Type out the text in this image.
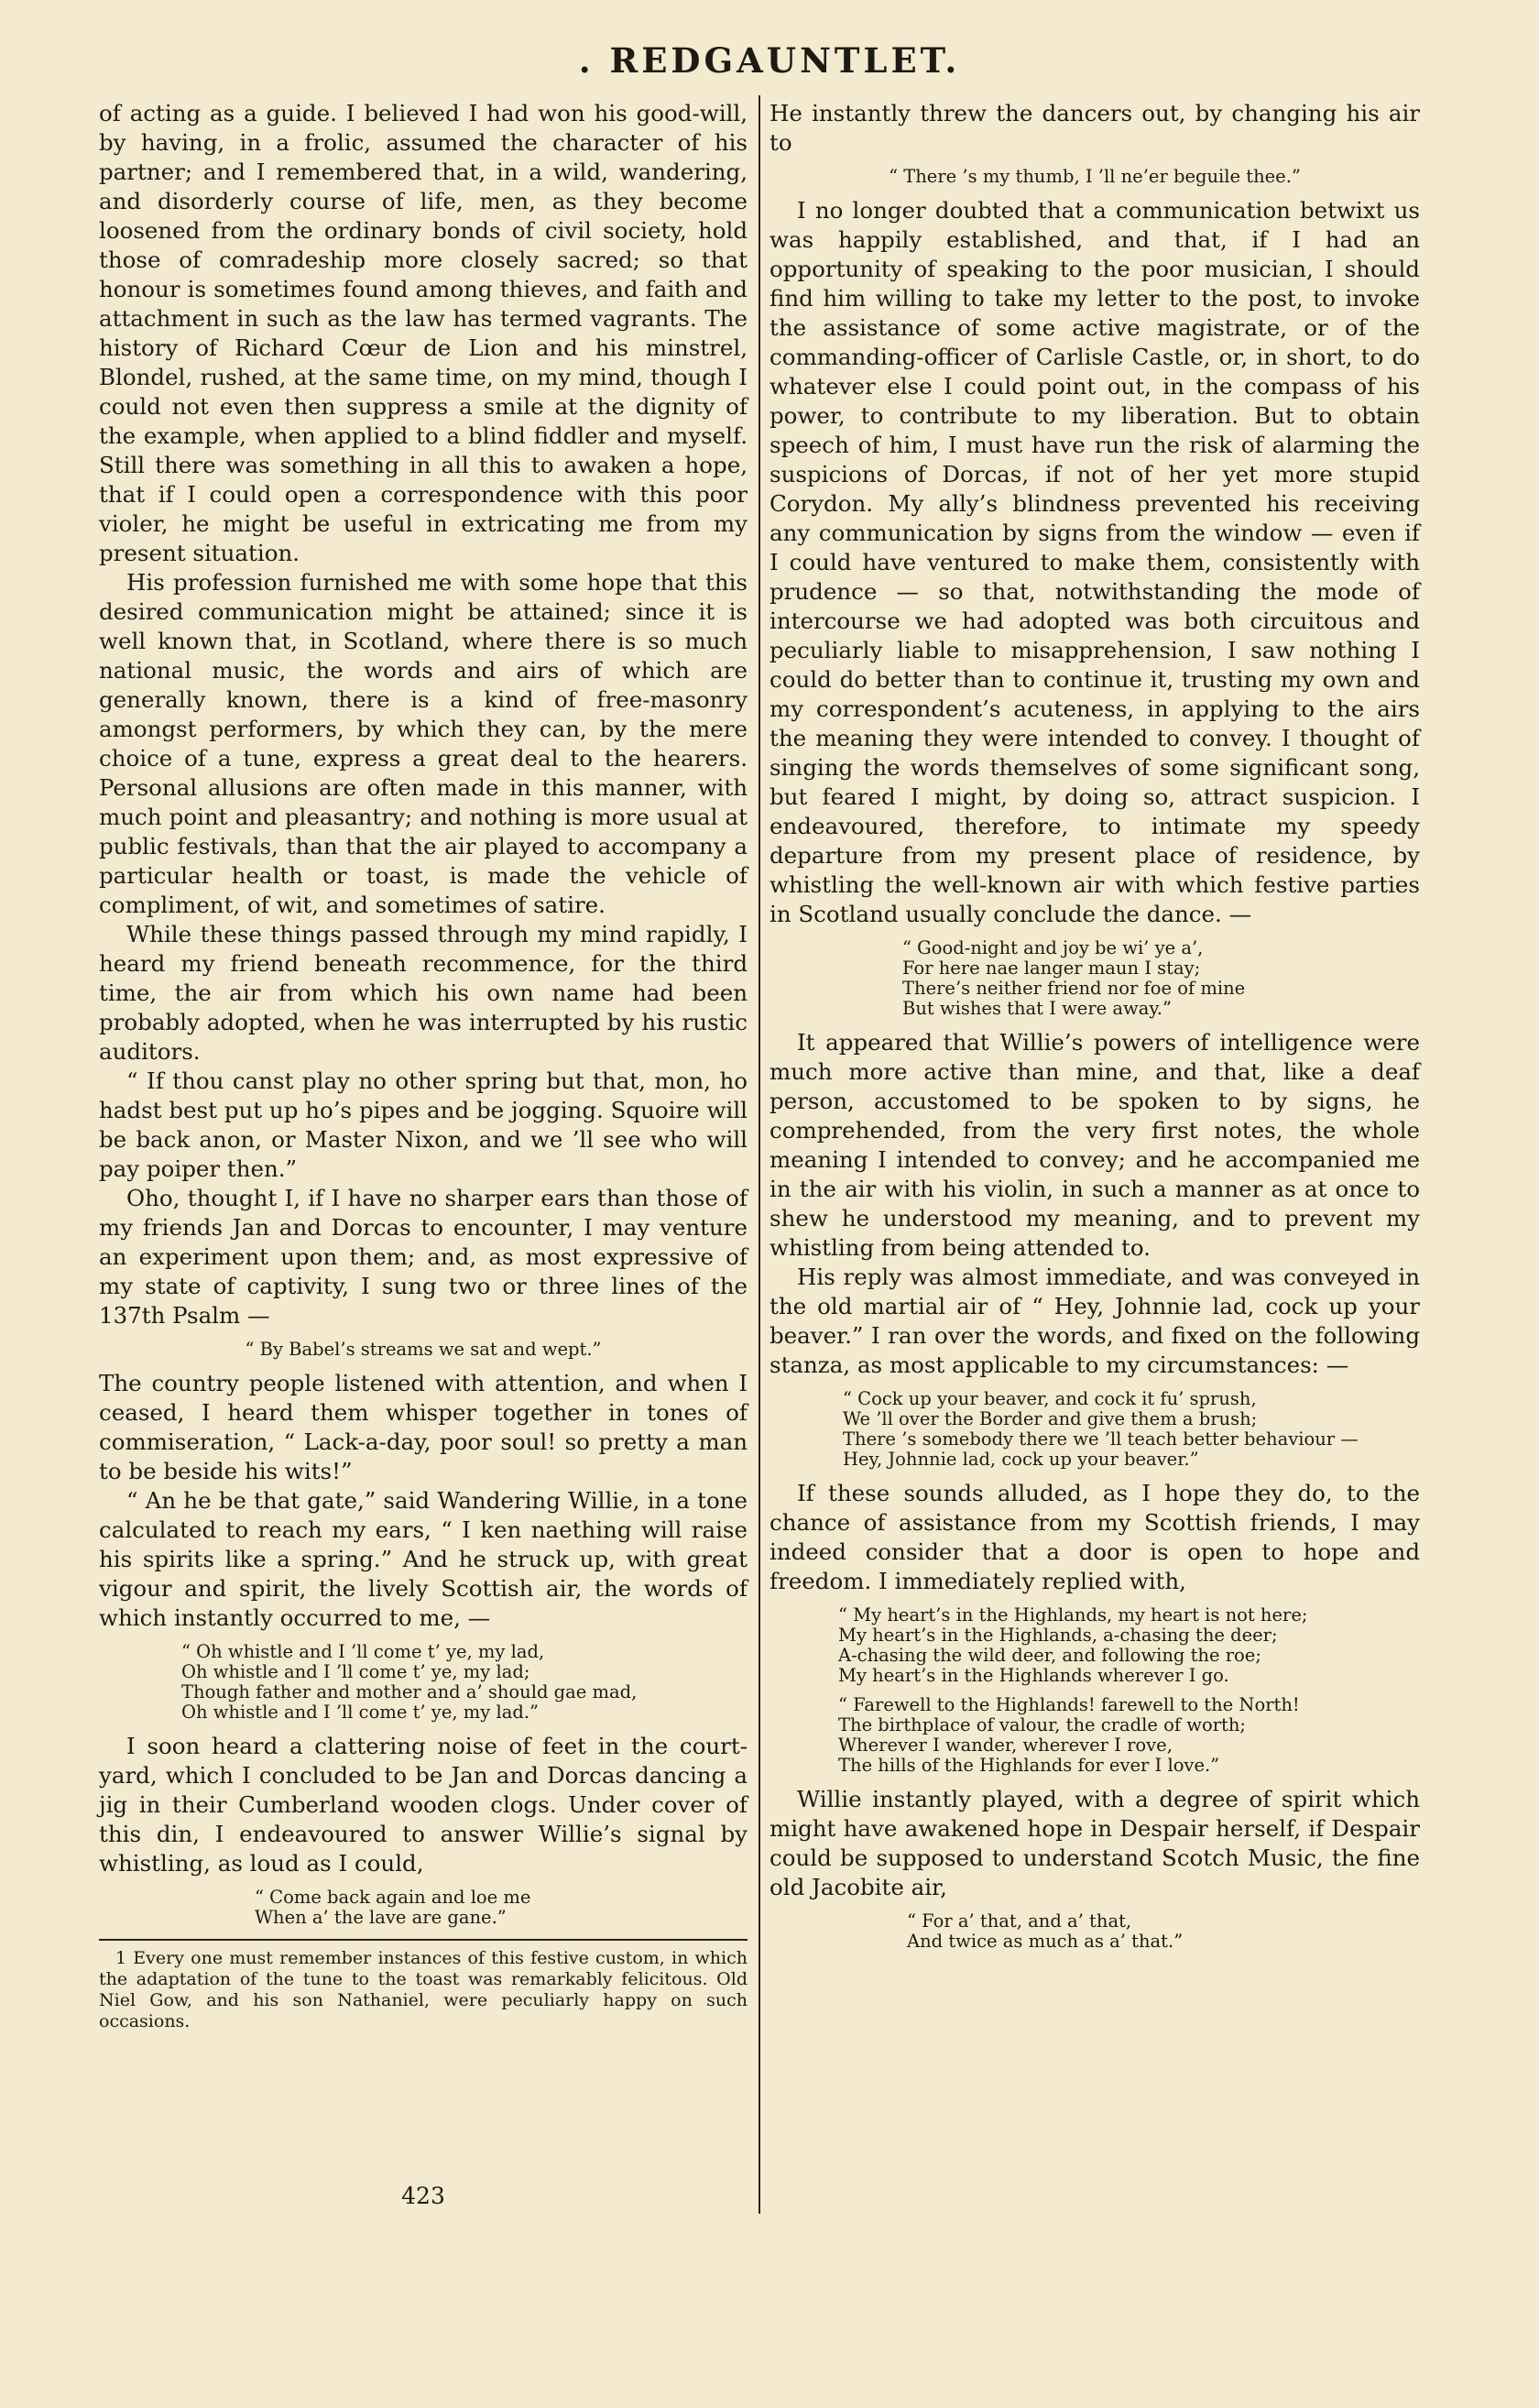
. REDGAUNTLET.

of acting as a guide. I believed I had won his good-will, by having, in a frolic, assumed the character of his partner; and I remembered that, in a wild, wandering, and disorderly course of life, men, as they become loosened from the ordinary bonds of civil society, hold those of comradeship more closely sacred; so that honour is sometimes found among thieves, and faith and attachment in such as the law has termed vagrants. The history of Richard Cœur de Lion and his minstrel, Blondel, rushed, at the same time, on my mind, though I could not even then suppress a smile at the dignity of the example, when applied to a blind fiddler and myself. Still there was something in all this to awaken a hope, that if I could open a correspondence with this poor violer, he might be useful in extricating me from my present situation.

His profession furnished me with some hope that this desired communication might be attained; since it is well known that, in Scotland, where there is so much national music, the words and airs of which are generally known, there is a kind of free-masonry amongst performers, by which they can, by the mere choice of a tune, express a great deal to the hearers. Personal allusions are often made in this manner, with much point and pleasantry; and nothing is more usual at public festivals, than that the air played to accompany a particular health or toast, is made the vehicle of compliment, of wit, and sometimes of satire.

While these things passed through my mind rapidly, I heard my friend beneath recommence, for the third time, the air from which his own name had been probably adopted, when he was interrupted by his rustic auditors.

“ If thou canst play no other spring but that, mon, ho hadst best put up ho’s pipes and be jogging. Squoire will be back anon, or Master Nixon, and we ’ll see who will pay poiper then.”

Oho, thought I, if I have no sharper ears than those of my friends Jan and Dorcas to encounter, I may venture an experiment upon them; and, as most expressive of my state of captivity, I sung two or three lines of the 137th Psalm —

“ By Babel’s streams we sat and wept.”

The country people listened with attention, and when I ceased, I heard them whisper together in tones of commiseration, “ Lack-a-day, poor soul! so pretty a man to be beside his wits!”

“ An he be that gate,” said Wandering Willie, in a tone calculated to reach my ears, “ I ken naething will raise his spirits like a spring.” And he struck up, with great vigour and spirit, the lively Scottish air, the words of which instantly occurred to me, —

“ Oh whistle and I ’ll come t’ ye, my lad,
Oh whistle and I ’ll come t’ ye, my lad;
Though father and mother and a’ should gae mad,
Oh whistle and I ’ll come t’ ye, my lad.”

I soon heard a clattering noise of feet in the court-yard, which I concluded to be Jan and Dorcas dancing a jig in their Cumberland wooden clogs. Under cover of this din, I endeavoured to answer Willie’s signal by whistling, as loud as I could,

“ Come back again and loe me
When a’ the lave are gane.”

1 Every one must remember instances of this festive custom, in which the adaptation of the tune to the toast was remarkably felicitous. Old Niel Gow, and his son Nathaniel, were peculiarly happy on such occasions.

He instantly threw the dancers out, by changing his air to

“ There ’s my thumb, I ’ll ne’er beguile thee.”

I no longer doubted that a communication betwixt us was happily established, and that, if I had an opportunity of speaking to the poor musician, I should find him willing to take my letter to the post, to invoke the assistance of some active magistrate, or of the commanding-officer of Carlisle Castle, or, in short, to do whatever else I could point out, in the compass of his power, to contribute to my liberation. But to obtain speech of him, I must have run the risk of alarming the suspicions of Dorcas, if not of her yet more stupid Corydon. My ally’s blindness prevented his receiving any communication by signs from the window — even if I could have ventured to make them, consistently with prudence — so that, notwithstanding the mode of intercourse we had adopted was both circuitous and peculiarly liable to misapprehension, I saw nothing I could do better than to continue it, trusting my own and my correspondent’s acuteness, in applying to the airs the meaning they were intended to convey. I thought of singing the words themselves of some significant song, but feared I might, by doing so, attract suspicion. I endeavoured, therefore, to intimate my speedy departure from my present place of residence, by whistling the well-known air with which festive parties in Scotland usually conclude the dance. —

“ Good-night and joy be wi’ ye a’,
For here nae langer maun I stay;
There’s neither friend nor foe of mine
But wishes that I were away.”

It appeared that Willie’s powers of intelligence were much more active than mine, and that, like a deaf person, accustomed to be spoken to by signs, he comprehended, from the very first notes, the whole meaning I intended to convey; and he accompanied me in the air with his violin, in such a manner as at once to shew he understood my meaning, and to prevent my whistling from being attended to.

His reply was almost immediate, and was conveyed in the old martial air of “ Hey, Johnnie lad, cock up your beaver.” I ran over the words, and fixed on the following stanza, as most applicable to my circumstances: —

“ Cock up your beaver, and cock it fu’ sprush,
We ’ll over the Border and give them a brush;
There ’s somebody there we ’ll teach better behaviour —
Hey, Johnnie lad, cock up your beaver.”

If these sounds alluded, as I hope they do, to the chance of assistance from my Scottish friends, I may indeed consider that a door is open to hope and freedom. I immediately replied with,

“ My heart’s in the Highlands, my heart is not here;
My heart’s in the Highlands, a-chasing the deer;
A-chasing the wild deer, and following the roe;
My heart’s in the Highlands wherever I go.
“ Farewell to the Highlands! farewell to the North!
The birthplace of valour, the cradle of worth;
Wherever I wander, wherever I rove,
The hills of the Highlands for ever I love.”

Willie instantly played, with a degree of spirit which might have awakened hope in Despair herself, if Despair could be supposed to understand Scotch Music, the fine old Jacobite air,

“ For a’ that, and a’ that,
And twice as much as a’ that.”
423
